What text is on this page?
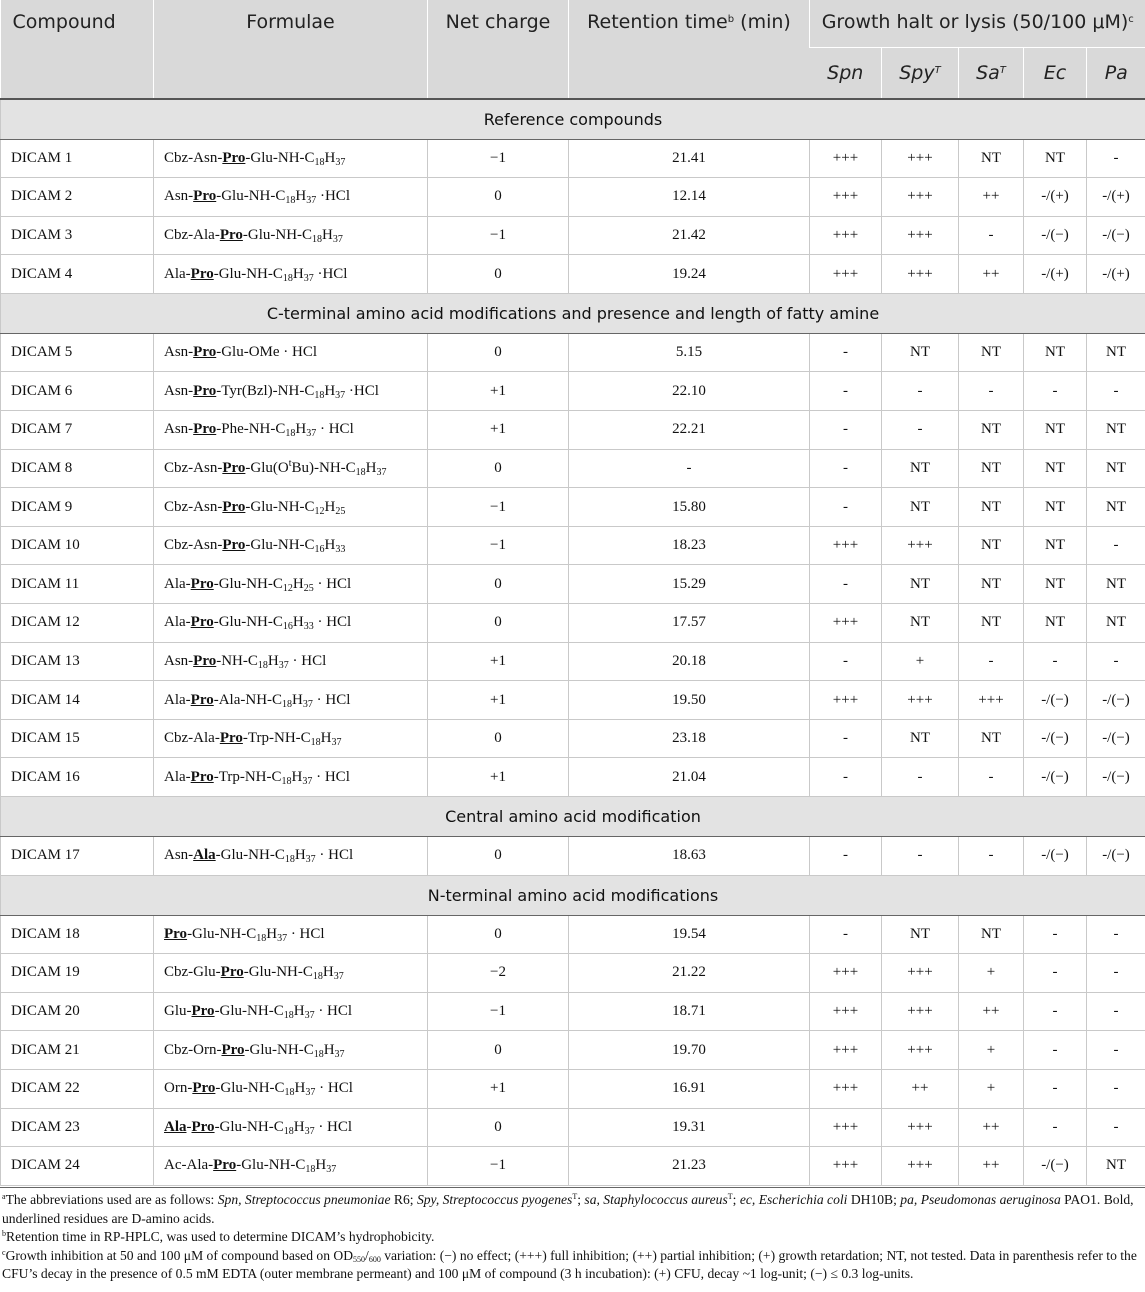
Compound	Formulae	Net charge	Retention time$^b$ (min)	Growth halt or lysis (50/100 μM)$^c$
				Spn	Spy$^T$	$Sa^T$	Ec	Pa
Reference compounds								
DICAM 1	Cbz-$Asn-Pro-Glu-NH-C_{18}H_{37}$	−1	21.41	+++	+++	NT	NT	-
DICAM 2	Asn-$Pro-Glu-NH-C_{18}H_{37} \cdot HCl$	0	12.14	+++	+++	++	-/(+)	-/(+)
DICAM 3	Cbz-$Ala-Pro-Glu-NH-C_{18}H_{37}$	−1	21.42	+++	+++	-	-/(−)	-/(−)
DICAM 4	Ala-$Pro-Glu-NH-C_{18}H_{37} \cdot HCl$	0	19.24	+++	+++	++	-/(+)	-/(+)
C-terminal amino acid modifications and presence and length of fatty amine								
DICAM 5	Asn-Pro-Glu-OMe · HCl	0	5.15	-	NT	NT	NT	NT
DICAM 6	Asn-$Pro-Tyr(Bzl)-NH-C_{18}H_{37} \cdot HCl$	+1	22.10	-	-	-	-	-
DICAM 7	Asn-$Pro-Phe-NH-C_{18}H_{37}$ · HCl	+1	22.21	-	-	NT	NT	NT
DICAM 8	Cbz-$Asn-Pro-Glu(O^tBu)-NH-C_{18}H_{37}$	0	-	-	NT	NT	NT	NT
DICAM 9	Cbz-$Asn-Pro-Glu-NH-C_{12}H_{25}$	−1	15.80	-	NT	NT	NT	NT
DICAM 10	Cbz-$Asn-Pro-Glu-NH-C_{16}H_{33}$	−1	18.23	+++	+++	NT	NT	-
DICAM 11	Ala-$Pro-Glu-NH-C_{12}H_{25}$ · HCl	0	15.29	-	NT	NT	NT	NT
DICAM 12	Ala-$Pro-Glu-NH-C_{16}H_{33}$ · HCl	0	17.57	+++	NT	NT	NT	NT
DICAM 13	Asn-$Pro-NH-C_{18}H_{37}$ · HCl	+1	20.18	-	+	-	-	-
DICAM 14	Ala-$Pro-Ala-NH-C_{18}H_{37}$ · HCl	+1	19.50	+++	+++	+++	-/(−)	-/(−)
DICAM 15	Cbz-$Ala-Pro-Trp-NH-C_{18}H_{37}$	0	23.18	-	NT	NT	-/(−)	-/(−)
DICAM 16	Ala-$Pro-Trp-NH-C_{18}H_{37}$ · HCl	+1	21.04	-	-	-	-/(−)	-/(−)
Central amino acid modification								
DICAM 17	Asn-$Ala-Glu-NH-C_{18}H_{37}$ · HCl	0	18.63	-	-	-	-/(−)	-/(−)
N-terminal amino acid modifications								
DICAM 18	Pro-$Glu-NH-C_{18}H_{37}$ · HCl	0	19.54	-	NT	NT	-	-
DICAM 19	Cbz-$Glu-Pro-Glu-NH-C_{18}H_{37}$	−2	21.22	+++	+++	+	-	-
DICAM 20	Glu-$Pro-Glu-NH-C_{18}H_{37}$ · HCl	−1	18.71	+++	+++	++	-	-
DICAM 21	Cbz-$Orn-Pro-Glu-NH-C_{18}H_{37}$	0	19.70	+++	+++	+	-	-
DICAM 22	Orn-$Pro-Glu-NH-C_{18}H_{37}$ · HCl	+1	16.91	+++	++	+	-	-
DICAM 23	Ala-$Pro-Glu-NH-C_{18}H_{37}$ · HCl	0	19.31	+++	+++	++	-	-
DICAM 24	$Ac-Ala-Pro-Glu-NH-C_{18}H_{37}$	−1	21.23	+++	+++	++	-/(−)	NT

$^a$The abbreviations used are as follows: Spn, Streptococcus pneumoniae R6; Spy, Streptococcus pyogenes$^T$; sa, Staphylococcus aureus$^T$; ec, Escherichia coli DH10B; pa, Pseudomonas aeruginosa PAO1. Bold, underlined residues are D-amino acids.

$^b$Retention time in RP-HPLC, was used to determine DICAM’s hydrophobicity.

$^c$Growth inhibition at 50 and 100 μM of compound based on $OD_{550}/_{600}$ variation: (−) no effect; (+++) full inhibition; (++) partial inhibition; (+) growth retardation; NT, not tested. Data in parenthesis refer to the CFU’s decay in the presence of 0.5 mM EDTA (outer membrane permeant) and 100 μM of compound (3 h incubation): (+) CFU, decay ~1 log-unit; (−) ≤ 0.3 log-units.
